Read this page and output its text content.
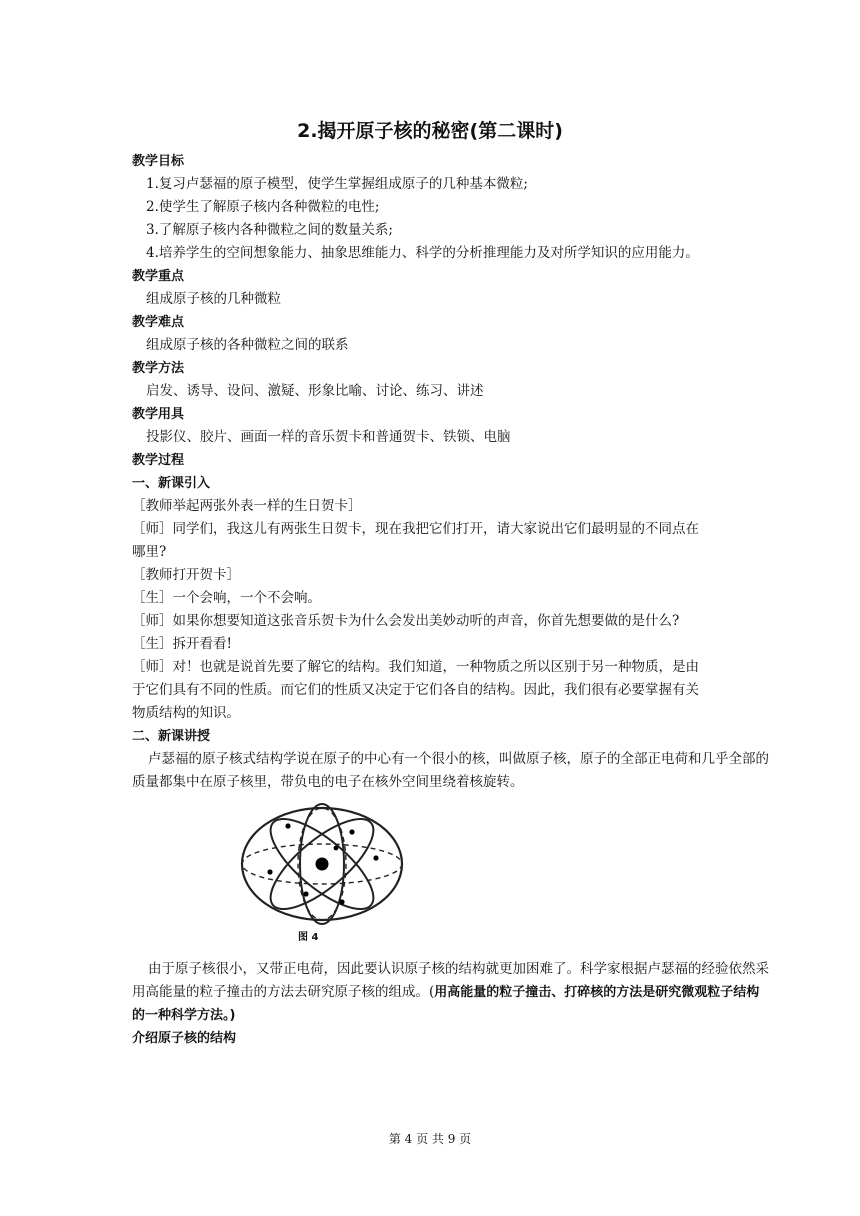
2.揭开原子核的秘密(第二课时)
教学目标
1.复习卢瑟福的原子模型，使学生掌握组成原子的几种基本微粒;
2.使学生了解原子核内各种微粒的电性;
3.了解原子核内各种微粒之间的数量关系;
4.培养学生的空间想象能力、抽象思维能力、科学的分析推理能力及对所学知识的应用能力。
教学重点
组成原子核的几种微粒
教学难点
组成原子核的各种微粒之间的联系
教学方法
启发、诱导、设问、激疑、形象比喻、讨论、练习、讲述
教学用具
投影仪、胶片、画面一样的音乐贺卡和普通贺卡、铁锁、电脑
教学过程
一、新课引入
［教师举起两张外表一样的生日贺卡］
［师］同学们，我这儿有两张生日贺卡，现在我把它们打开，请大家说出它们最明显的不同点在
哪里?
［教师打开贺卡］
［生］一个会响，一个不会响。
［师］如果你想要知道这张音乐贺卡为什么会发出美妙动听的声音，你首先想要做的是什么?
［生］拆开看看!
［师］对！也就是说首先要了解它的结构。我们知道，一种物质之所以区别于另一种物质，是由
于它们具有不同的性质。而它们的性质又决定于它们各自的结构。因此，我们很有必要掌握有关
物质结构的知识。
二、新课讲授
卢瑟福的原子核式结构学说在原子的中心有一个很小的核，叫做原子核，原子的全部正电荷和几乎全部的质量都集中在原子核里，带负电的电子在核外空间里绕着核旋转。
图 4
由于原子核很小，又带正电荷，因此要认识原子核的结构就更加困难了。科学家根据卢瑟福的经验依然采用高能量的粒子撞击的方法去研究原子核的组成。(用高能量的粒子撞击、打碎核的方法是研究微观粒子结构的一种科学方法。)
介绍原子核的结构
第 4 页 共 9 页
